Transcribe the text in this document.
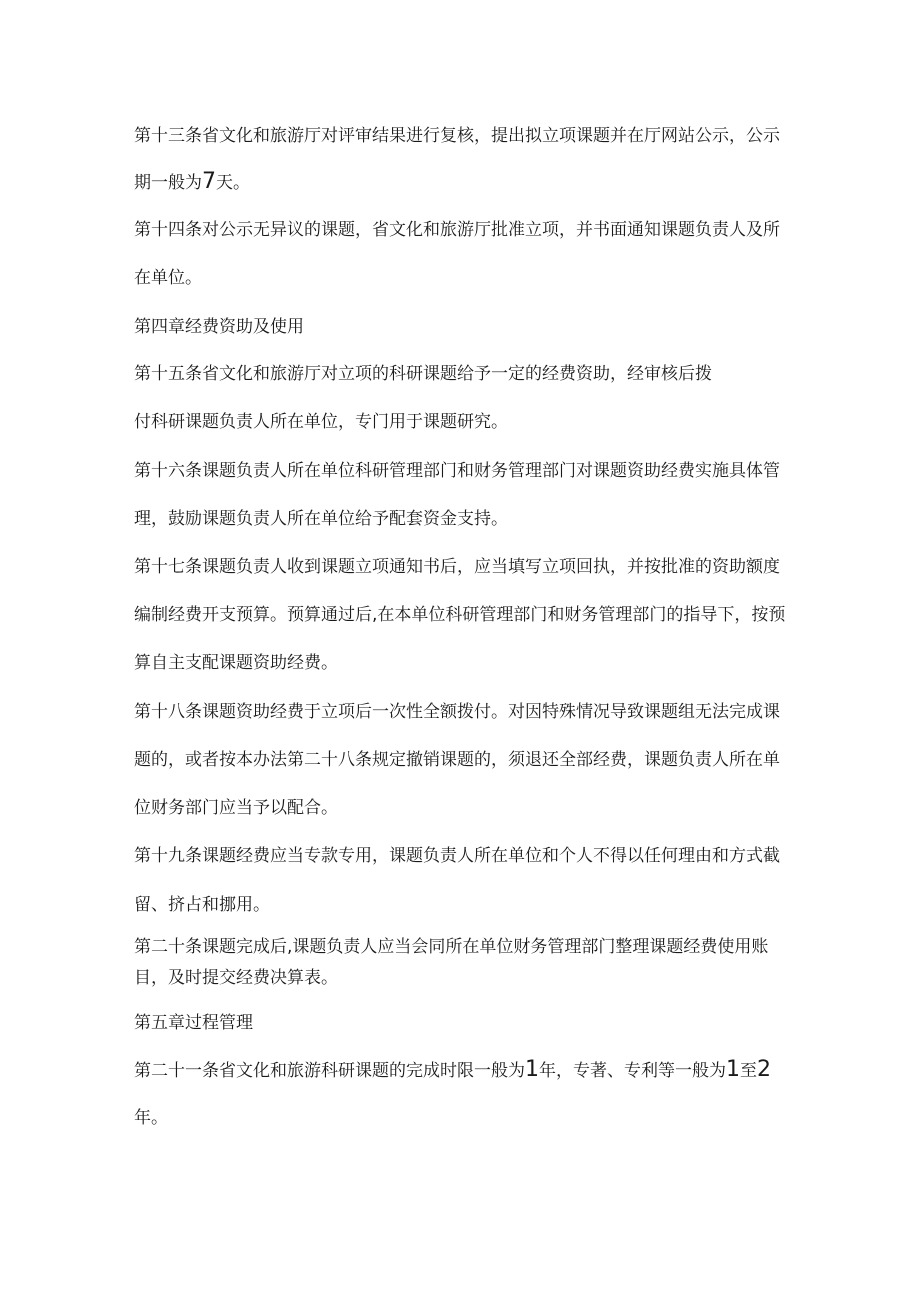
第十三条省文化和旅游厅对评审结果进行复核，提出拟立项课题并在厅网站公示，公示
期一般为7天。
第十四条对公示无异议的课题，省文化和旅游厅批准立项，并书面通知课题负责人及所
在单位。
第四章经费资助及使用
第十五条省文化和旅游厅对立项的科研课题给予一定的经费资助，经审核后拨
付科研课题负责人所在单位，专门用于课题研究。
第十六条课题负责人所在单位科研管理部门和财务管理部门对课题资助经费实施具体管
理，鼓励课题负责人所在单位给予配套资金支持。
第十七条课题负责人收到课题立项通知书后，应当填写立项回执，并按批准的资助额度
编制经费开支预算。预算通过后,在本单位科研管理部门和财务管理部门的指导下，按预
算自主支配课题资助经费。
第十八条课题资助经费于立项后一次性全额拨付。对因特殊情况导致课题组无法完成课
题的，或者按本办法第二十八条规定撤销课题的，须退还全部经费，课题负责人所在单
位财务部门应当予以配合。
第十九条课题经费应当专款专用，课题负责人所在单位和个人不得以任何理由和方式截
留、挤占和挪用。
第二十条课题完成后,课题负责人应当会同所在单位财务管理部门整理课题经费使用账
目，及时提交经费决算表。
第五章过程管理
第二十一条省文化和旅游科研课题的完成时限一般为1年，专著、专利等一般为1至2
年。
